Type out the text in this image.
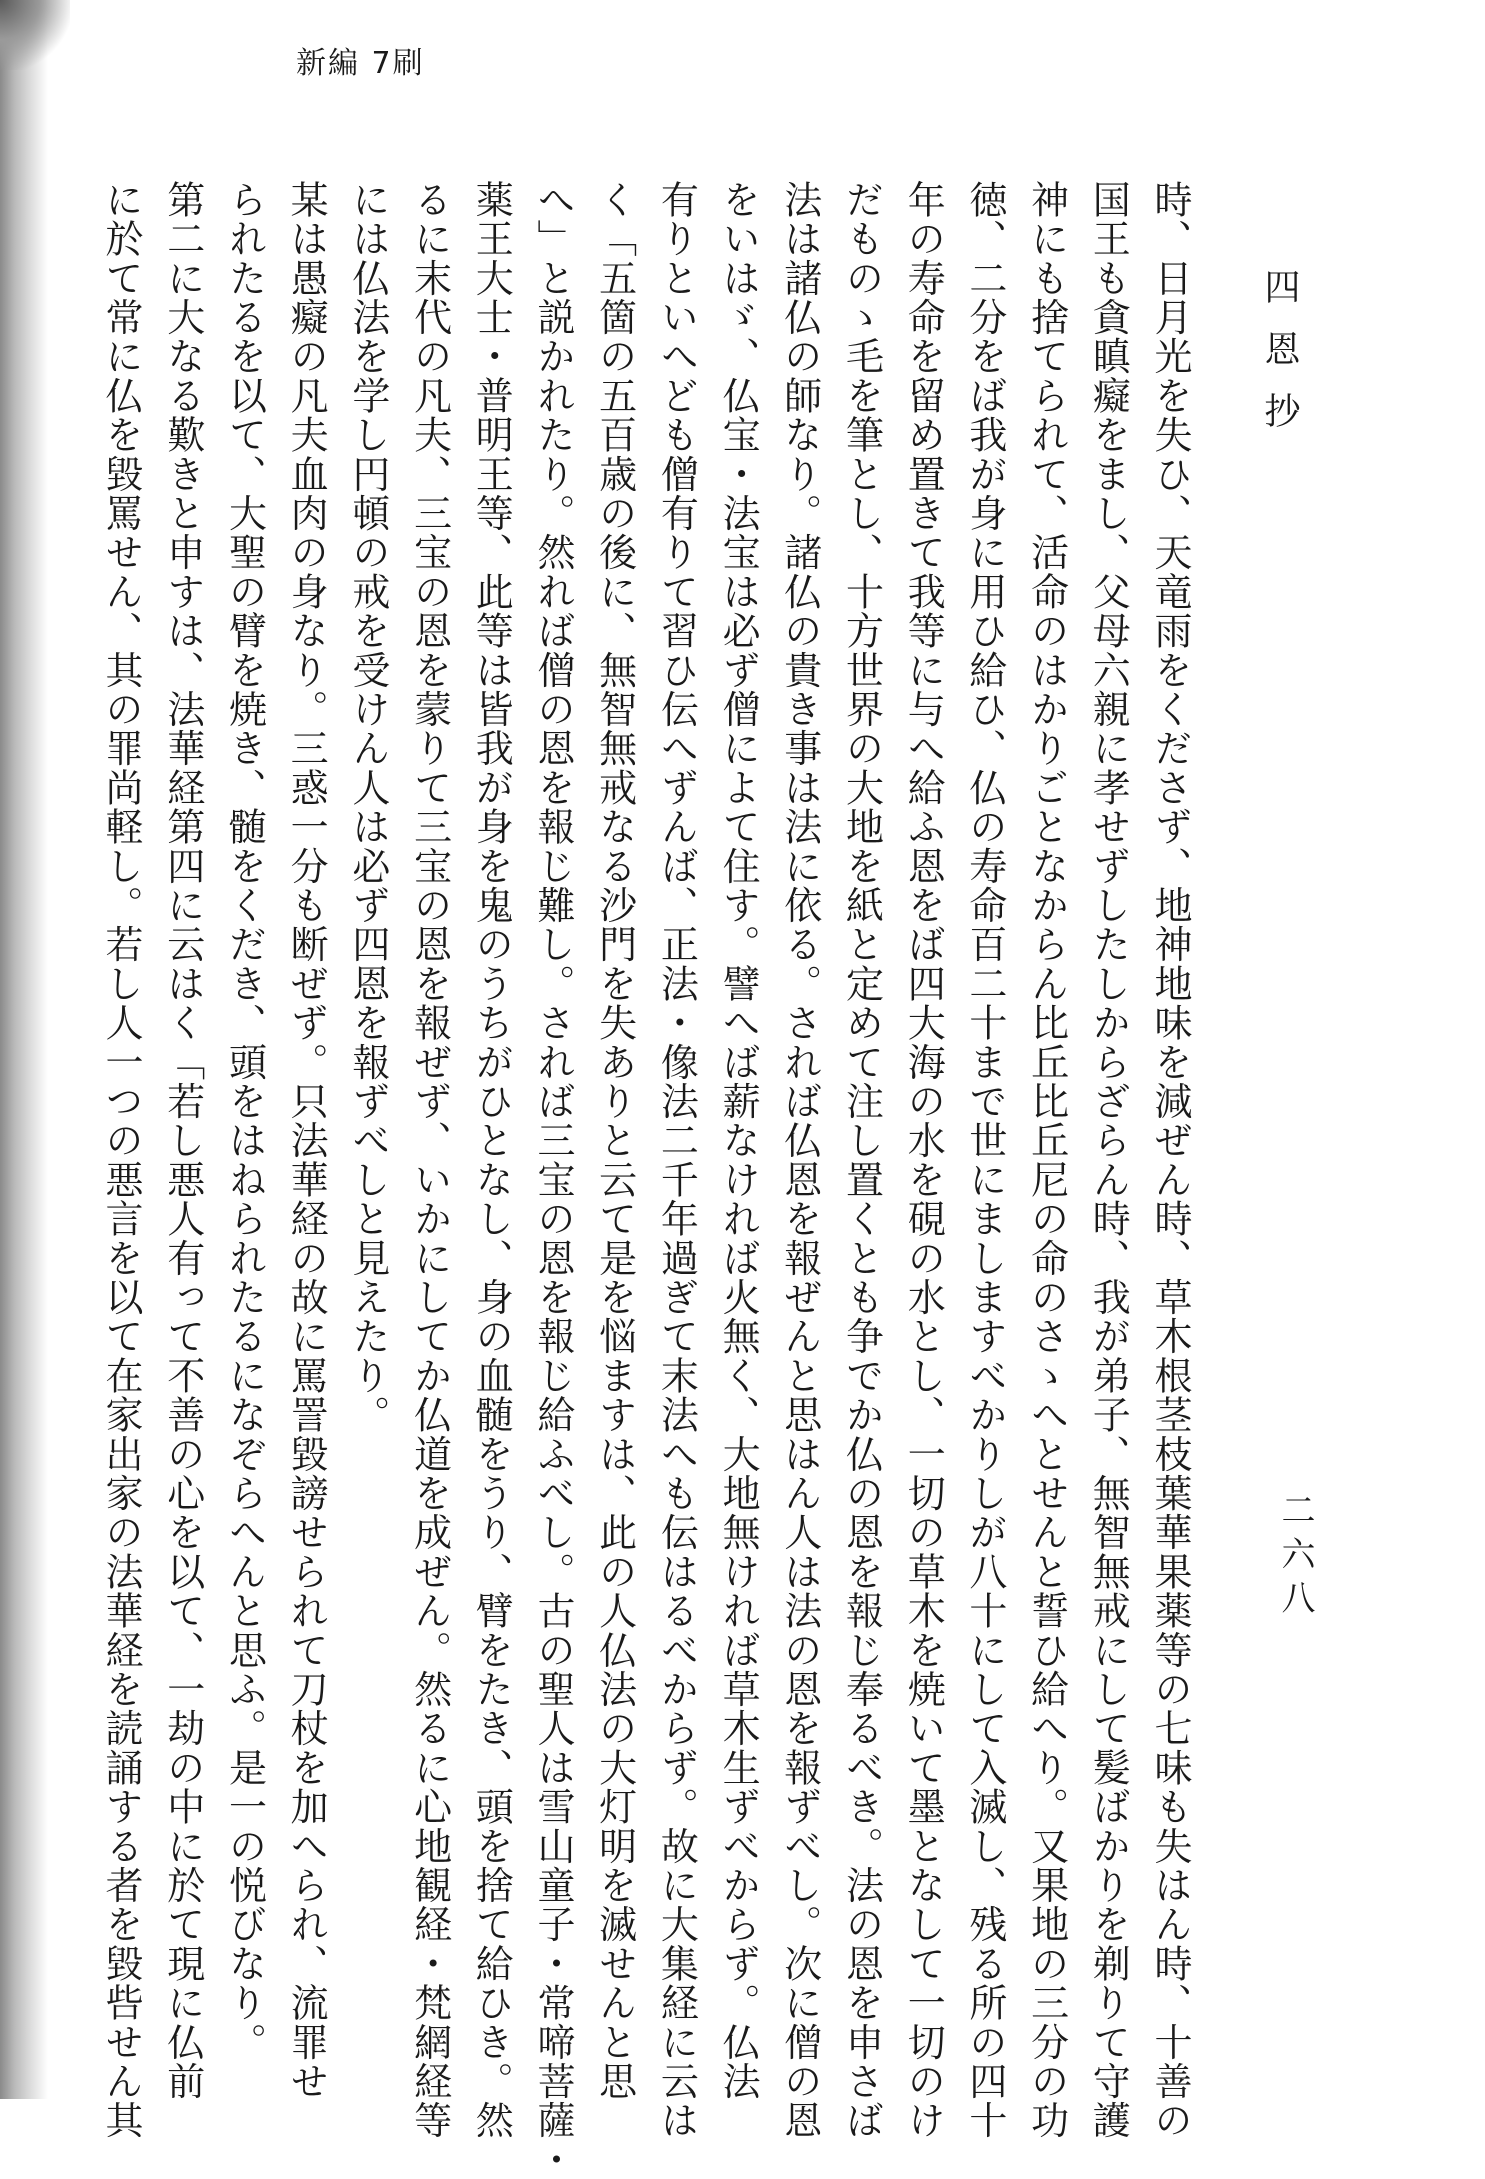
新編 7刷
四恩抄
二六八
時、日月光を失ひ、天竜雨をくださず、地神地味を減ぜん時、草木根茎枝葉華果薬等の七味も失はん時、十善の
国王も貪瞋癡をまし、父母六親に孝せずしたしからざらん時、我が弟子、無智無戒にして髪ばかりを剃りて守護
神にも捨てられて、活命のはかりごとなからん比丘比丘尼の命のさゝへとせんと誓ひ給へり。又果地の三分の功
徳、二分をば我が身に用ひ給ひ、仏の寿命百二十まで世にましますべかりしが八十にして入滅し、残る所の四十
年の寿命を留め置きて我等に与へ給ふ恩をば四大海の水を硯の水とし、一切の草木を焼いて墨となして一切のけ
だものゝ毛を筆とし、十方世界の大地を紙と定めて注し置くとも争でか仏の恩を報じ奉るべき。法の恩を申さば
法は諸仏の師なり。諸仏の貴き事は法に依る。されば仏恩を報ぜんと思はん人は法の恩を報ずべし。次に僧の恩
をいはゞ、仏宝・法宝は必ず僧によて住す。譬へば薪なければ火無く、大地無ければ草木生ずべからず。仏法
有りといへども僧有りて習ひ伝へずんば、正法・像法二千年過ぎて末法へも伝はるべからず。故に大集経に云は
く「五箇の五百歳の後に、無智無戒なる沙門を失ありと云て是を悩ますは、此の人仏法の大灯明を滅せんと思
へ」と説かれたり。然れば僧の恩を報じ難し。されば三宝の恩を報じ給ふべし。古の聖人は雪山童子・常啼菩薩・
薬王大士・普明王等、此等は皆我が身を鬼のうちがひとなし、身の血髄をうり、臂をたき、頭を捨て給ひき。然
るに末代の凡夫、三宝の恩を蒙りて三宝の恩を報ぜず、いかにしてか仏道を成ぜん。然るに心地観経・梵網経等
には仏法を学し円頓の戒を受けん人は必ず四恩を報ずべしと見えたり。
某は愚癡の凡夫血肉の身なり。三惑一分も断ぜず。只法華経の故に罵詈毀謗せられて刀杖を加へられ、流罪せ
られたるを以て、大聖の臂を焼き、髄をくだき、頭をはねられたるになぞらへんと思ふ。是一の悦びなり。
第二に大なる歎きと申すは、法華経第四に云はく「若し悪人有って不善の心を以て、一劫の中に於て現に仏前
に於て常に仏を毀罵せん、其の罪尚軽し。若し人一つの悪言を以て在家出家の法華経を読誦する者を毀呰せん其
